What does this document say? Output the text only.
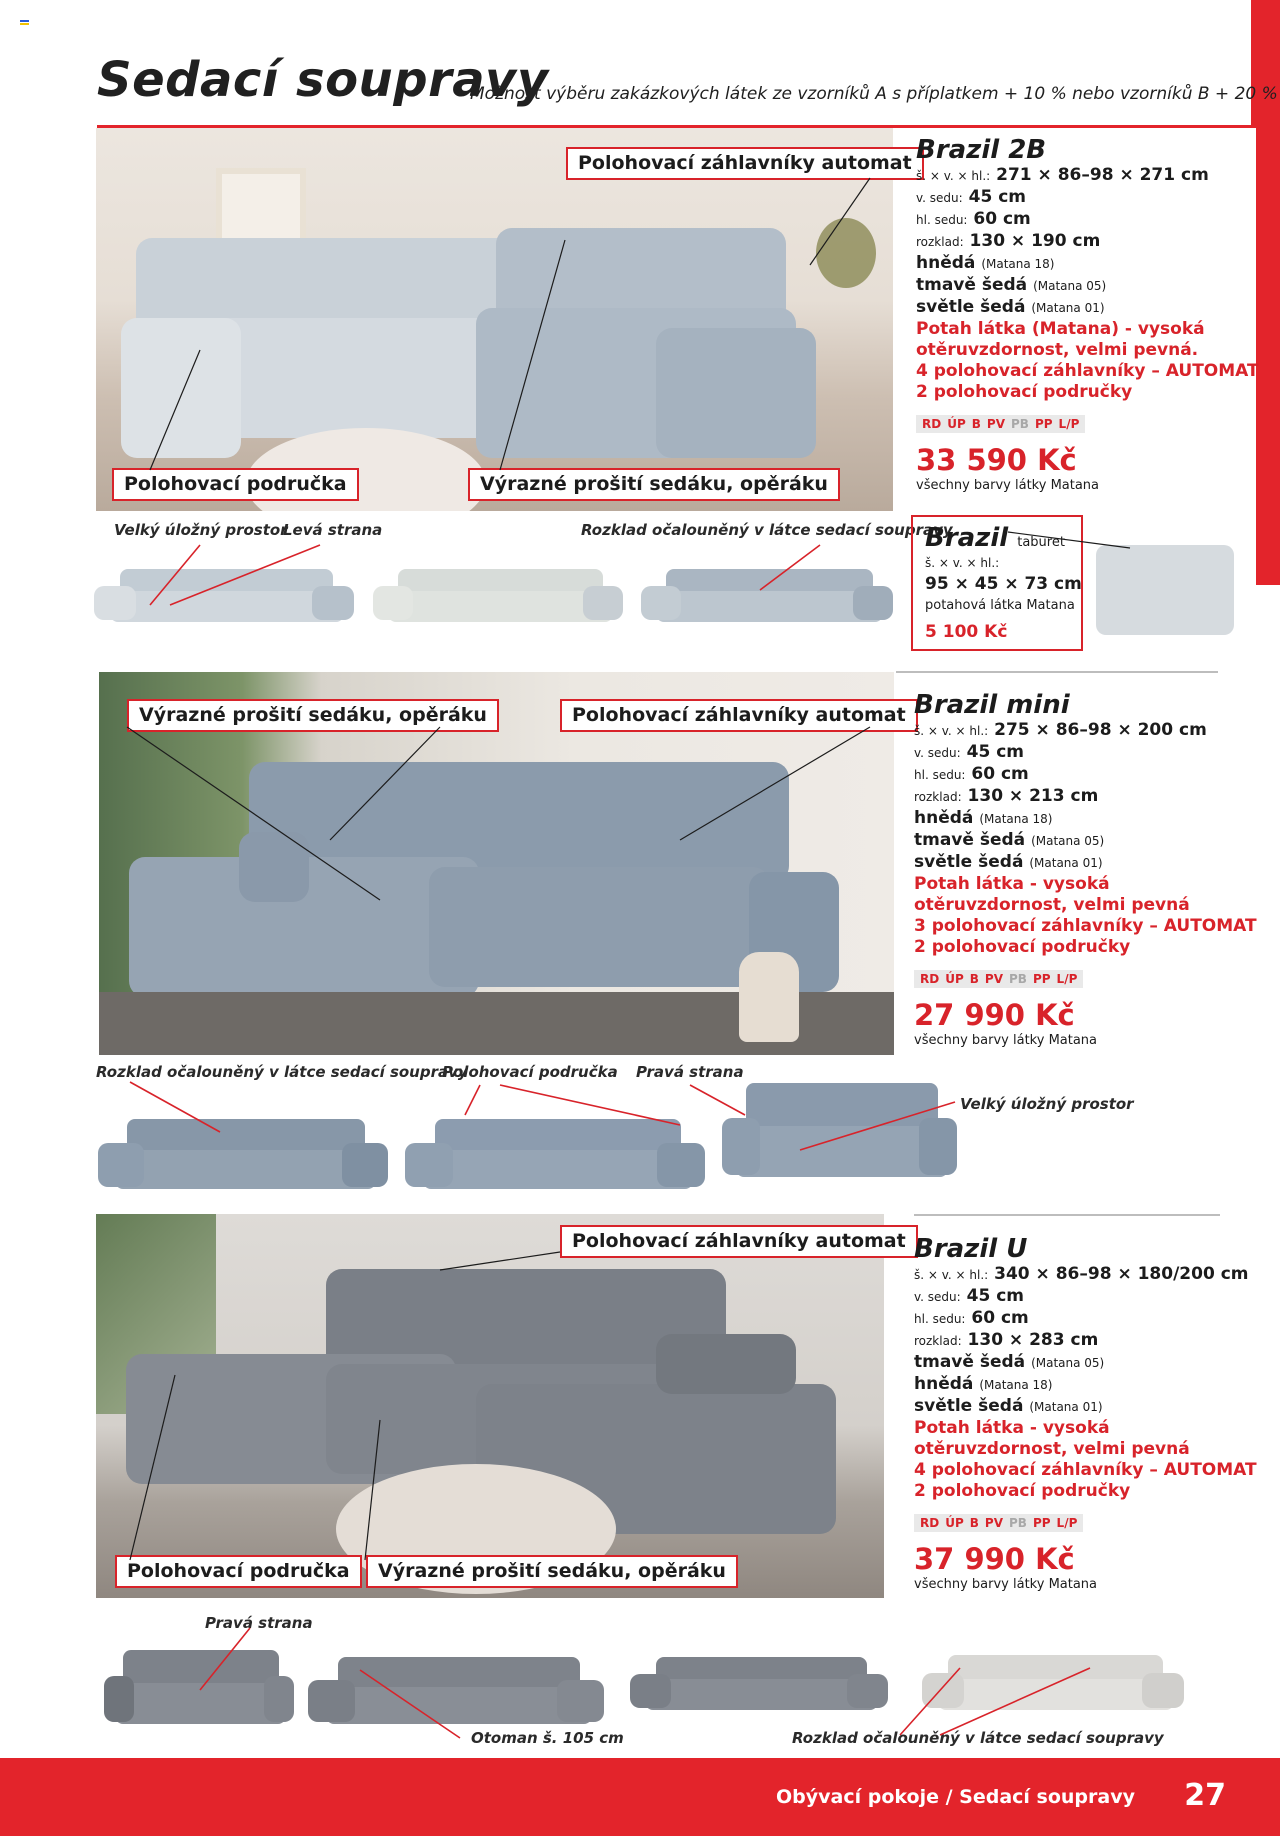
Sedací soupravy
Možnost výběru zakázkových látek ze vzorníků A s příplatkem + 10 % nebo vzorníků B + 20 %
Polohovací záhlavníky automat
Polohovací područka	Výrazné prošití sedáku, opěráku
Velký úložný prostor
Levá strana	Rozklad očalouněný v látce sedací soupravy
Brazil 2B
š. × v. × hl.: 271 × 86–98 × 271 cm
v. sedu: 45 cm
hl. sedu: 60 cm
rozklad: 130 × 190 cm
hnědá (Matana 18)
tmavě šedá (Matana 05)
světle šedá (Matana 01)
Potah látka (Matana) - vysoká
otěruvzdornost, velmi pevná.
4 polohovací záhlavníky – AUTOMAT
2 polohovací područky
RD ÚP B PV PB PP L/P
33 590 Kč
všechny barvy látky Matana
Brazil taburet
š. × v. × hl.:
95 × 45 × 73 cm
potahová látka Matana
5 100 Kč
Výrazné prošití sedáku, opěráku	Polohovací záhlavníky automat
Rozklad očalouněný v látce sedací soupravy
Polohovací područka Pravá strana
Velký úložný prostor
Brazil mini
š. × v. × hl.: 275 × 86–98 × 200 cm
v. sedu: 45 cm
hl. sedu: 60 cm
rozklad: 130 × 213 cm
hnědá (Matana 18)
tmavě šedá (Matana 05)
světle šedá (Matana 01)
Potah látka - vysoká
otěruvzdornost, velmi pevná
3 polohovací záhlavníky – AUTOMAT
2 polohovací područky
RD ÚP B PV PB PP L/P
27 990 Kč
všechny barvy látky Matana
Polohovací záhlavníky automat
Polohovací područka	Výrazné prošití sedáku, opěráku
Pravá strana
Otoman š. 105 cm	Rozklad očalouněný v látce sedací soupravy
Brazil U
š. × v. × hl.: 340 × 86–98 × 180/200 cm
v. sedu: 45 cm
hl. sedu: 60 cm
rozklad: 130 × 283 cm
tmavě šedá (Matana 05)
hnědá (Matana 18)
světle šedá (Matana 01)
Potah látka - vysoká
otěruvzdornost, velmi pevná
4 polohovací záhlavníky – AUTOMAT
2 polohovací područky
RD ÚP B PV PB PP L/P
37 990 Kč
všechny barvy látky Matana
Obývací pokoje / Sedací soupravy 27
